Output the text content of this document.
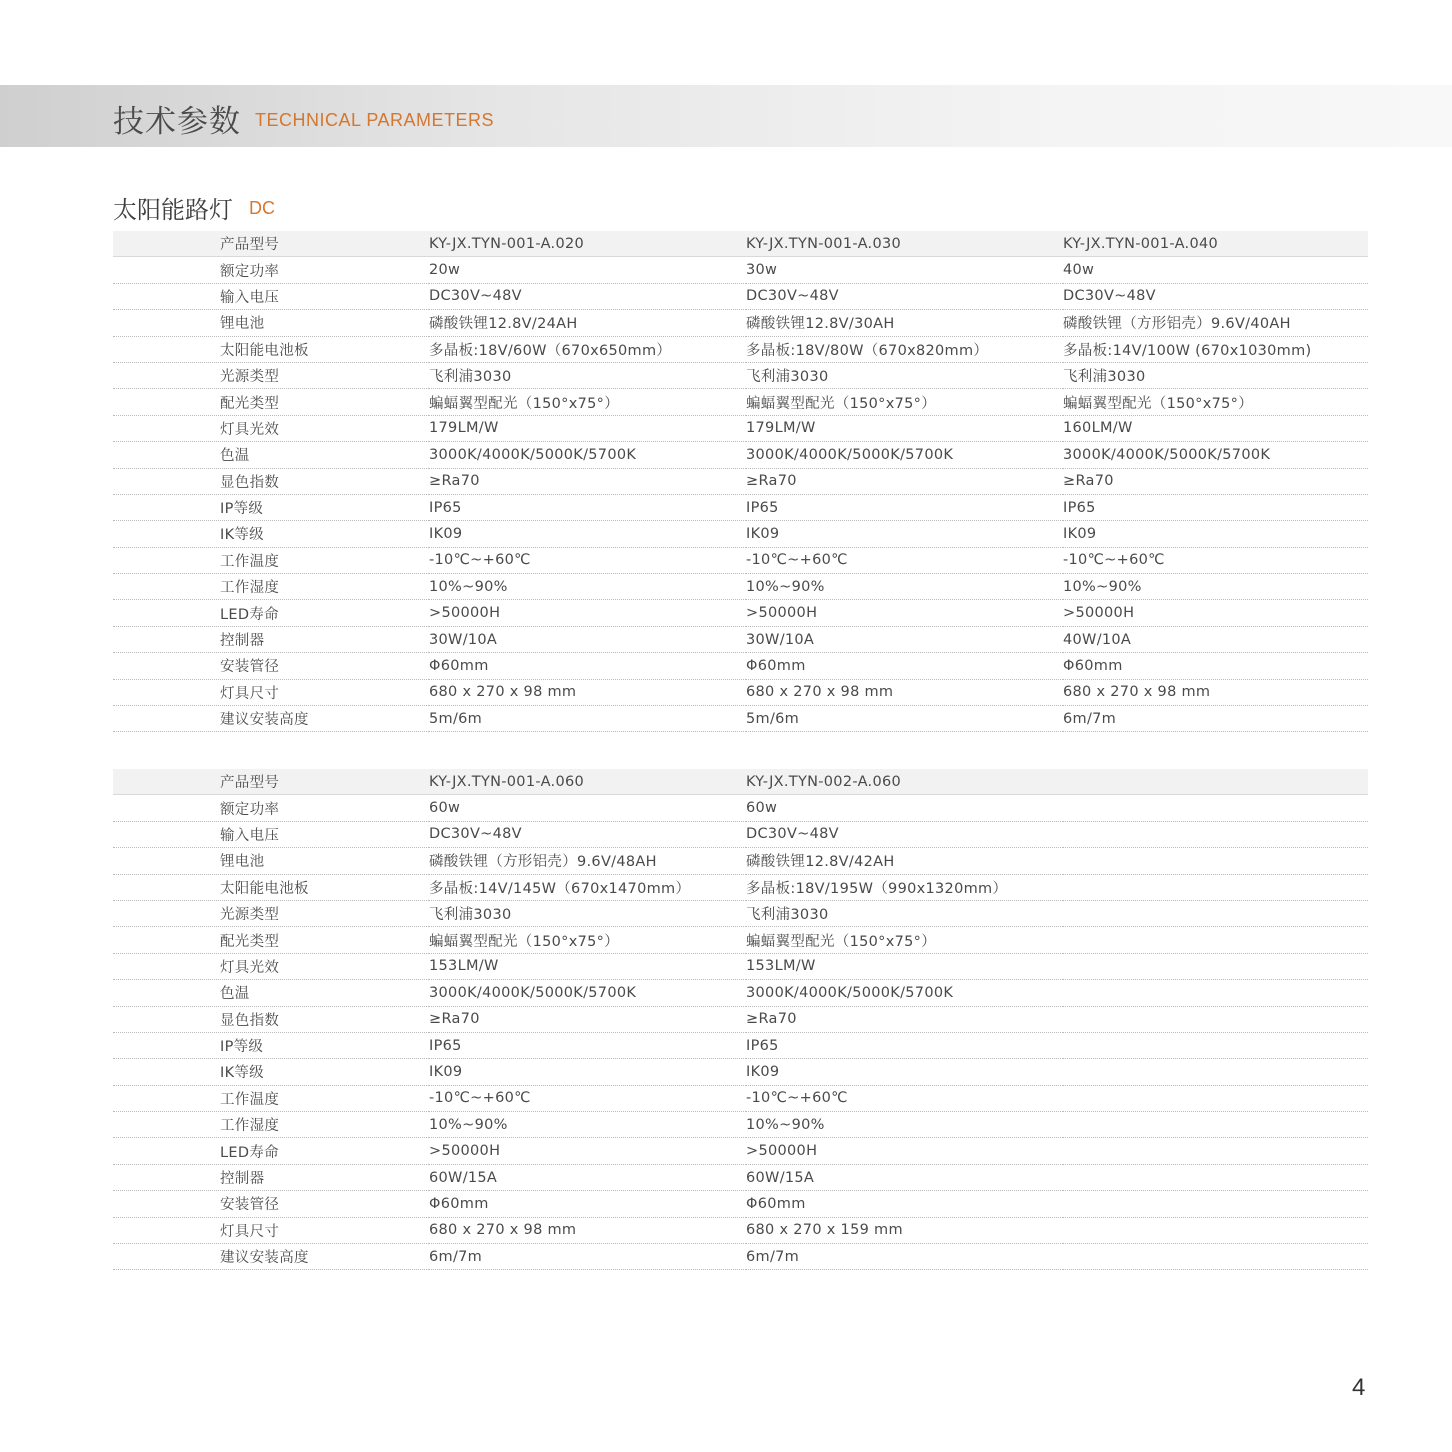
技术参数 TECHNICAL PARAMETERS
太阳能路灯 DC
产品型号	KY-JX.TYN-001-A.020	KY-JX.TYN-001-A.030	KY-JX.TYN-001-A.040
额定功率	20w	30w	40w
输入电压	DC30V~48V	DC30V~48V	DC30V~48V
锂电池	磷酸铁锂12.8V/24AH	磷酸铁锂12.8V/30AH	磷酸铁锂（方形铝壳）9.6V/40AH
太阳能电池板	多晶板:18V/60W（670x650mm）	多晶板:18V/80W（670x820mm）	多晶板:14V/100W (670x1030mm)
光源类型	飞利浦3030	飞利浦3030	飞利浦3030
配光类型	蝙蝠翼型配光（150°x75°）	蝙蝠翼型配光（150°x75°）	蝙蝠翼型配光（150°x75°）
灯具光效	179LM/W	179LM/W	160LM/W
色温	3000K/4000K/5000K/5700K	3000K/4000K/5000K/5700K	3000K/4000K/5000K/5700K
显色指数	≥Ra70	≥Ra70	≥Ra70
IP等级	IP65	IP65	IP65
IK等级	IK09	IK09	IK09
工作温度	-10℃~+60℃	-10℃~+60℃	-10℃~+60℃
工作湿度	10%~90%	10%~90%	10%~90%
LED寿命	>50000H	>50000H	>50000H
控制器	30W/10A	30W/10A	40W/10A
安装管径	Φ60mm	Φ60mm	Φ60mm
灯具尺寸	680 x 270 x 98 mm	680 x 270 x 98 mm	680 x 270 x 98 mm
建议安装高度	5m/6m	5m/6m	6m/7m
产品型号	KY-JX.TYN-001-A.060	KY-JX.TYN-002-A.060	
额定功率	60w	60w	
输入电压	DC30V~48V	DC30V~48V	
锂电池	磷酸铁锂（方形铝壳）9.6V/48AH	磷酸铁锂12.8V/42AH	
太阳能电池板	多晶板:14V/145W（670x1470mm）	多晶板:18V/195W（990x1320mm）	
光源类型	飞利浦3030	飞利浦3030	
配光类型	蝙蝠翼型配光（150°x75°）	蝙蝠翼型配光（150°x75°）	
灯具光效	153LM/W	153LM/W	
色温	3000K/4000K/5000K/5700K	3000K/4000K/5000K/5700K	
显色指数	≥Ra70	≥Ra70	
IP等级	IP65	IP65	
IK等级	IK09	IK09	
工作温度	-10℃~+60℃	-10℃~+60℃	
工作湿度	10%~90%	10%~90%	
LED寿命	>50000H	>50000H	
控制器	60W/15A	60W/15A	
安装管径	Φ60mm	Φ60mm	
灯具尺寸	680 x 270 x 98 mm	680 x 270 x 159 mm	
建议安装高度	6m/7m	6m/7m	
4
